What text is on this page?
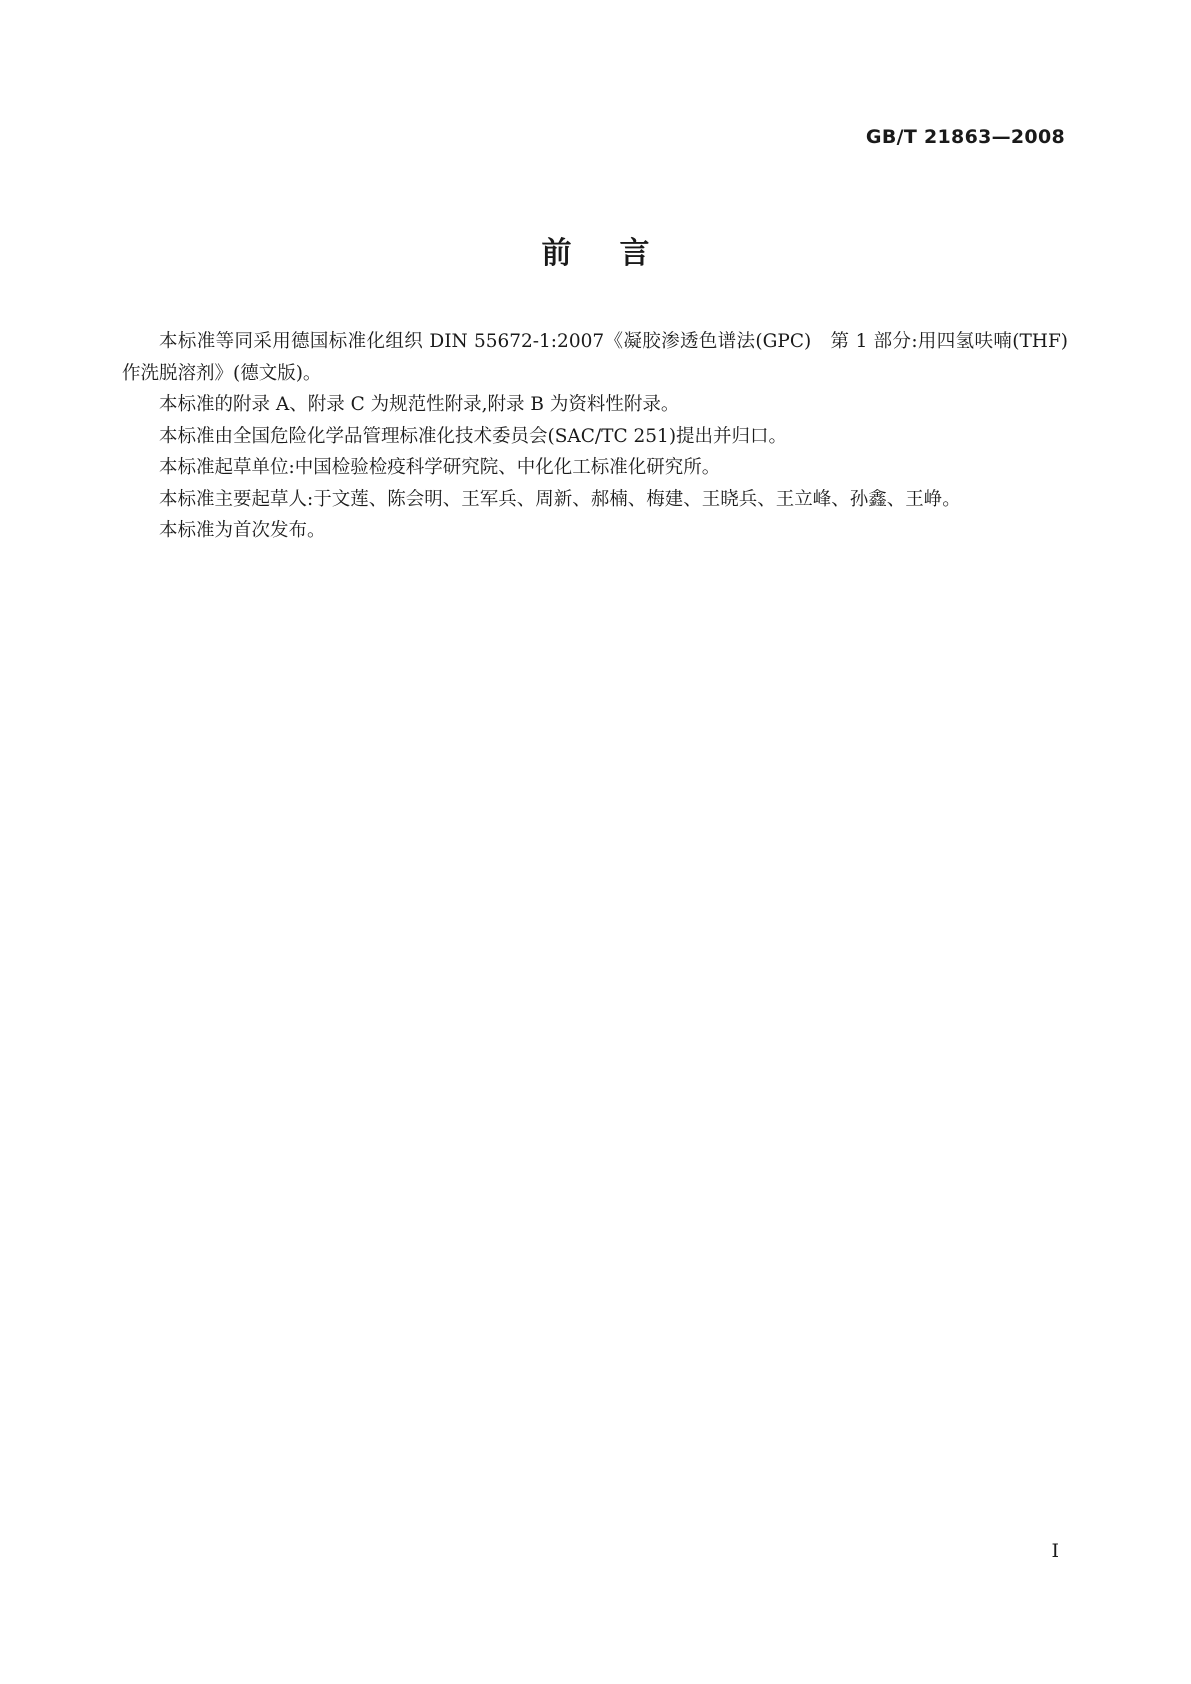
GB/T 21863—2008
前言

本标准等同采用德国标准化组织 DIN 55672-1:2007《凝胶渗透色谱法(GPC)　第 1 部分:用四氢呋喃(THF)作洗脱溶剂》(德文版)。

本标准的附录 A、附录 C 为规范性附录,附录 B 为资料性附录。

本标准由全国危险化学品管理标准化技术委员会(SAC/TC 251)提出并归口。

本标准起草单位:中国检验检疫科学研究院、中化化工标准化研究所。

本标准主要起草人:于文莲、陈会明、王军兵、周新、郝楠、梅建、王晓兵、王立峰、孙鑫、王峥。

本标准为首次发布。

I
